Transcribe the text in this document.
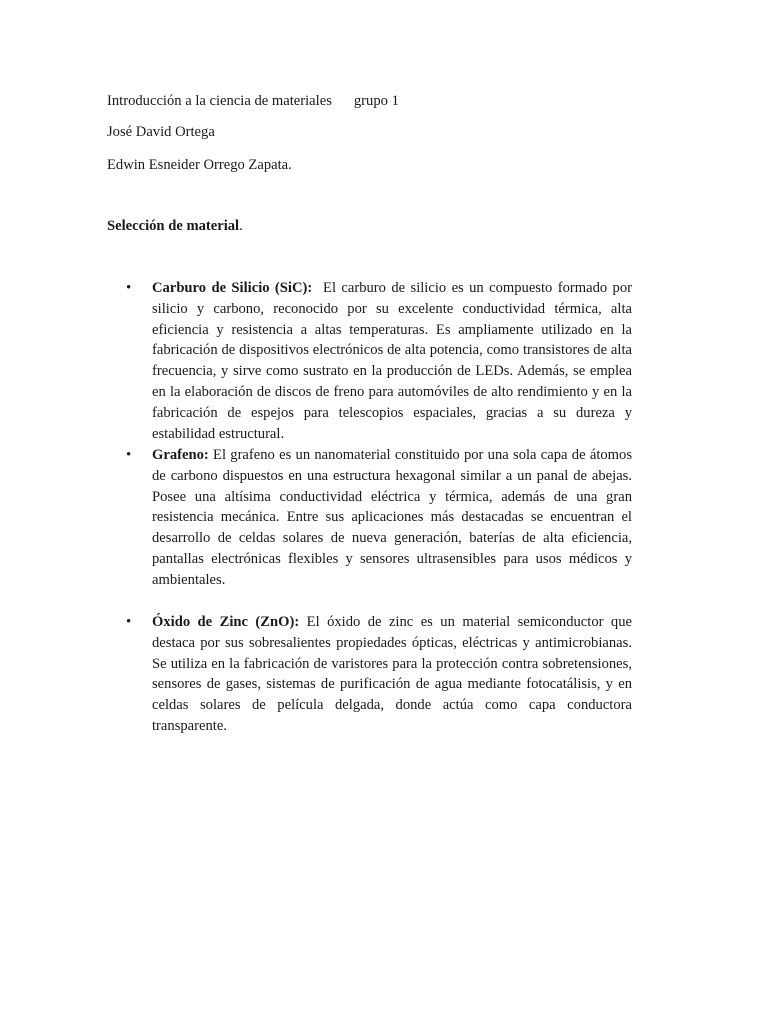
Introducción a la ciencia de materiales grupo 1
José David Ortega
Edwin Esneider Orrego Zapata.
Selección de material.
• Carburo de Silicio (SiC): El carburo de silicio es un compuesto formado por silicio y carbono, reconocido por su excelente conductividad térmica, alta eficiencia y resistencia a altas temperaturas. Es ampliamente utilizado en la fabricación de dispositivos electrónicos de alta potencia, como transistores de alta frecuencia, y sirve como sustrato en la producción de LEDs. Además, se emplea en la elaboración de discos de freno para automóviles de alto rendimiento y en la fabricación de espejos para telescopios espaciales, gracias a su dureza y estabilidad estructural.
• Grafeno: El grafeno es un nanomaterial constituido por una sola capa de átomos de carbono dispuestos en una estructura hexagonal similar a un panal de abejas. Posee una altísima conductividad eléctrica y térmica, además de una gran resistencia mecánica. Entre sus aplicaciones más destacadas se encuentran el desarrollo de celdas solares de nueva generación, baterías de alta eficiencia, pantallas electrónicas flexibles y sensores ultrasensibles para usos médicos y ambientales.
• Óxido de Zinc (ZnO): El óxido de zinc es un material semiconductor que destaca por sus sobresalientes propiedades ópticas, eléctricas y antimicrobianas. Se utiliza en la fabricación de varistores para la protección contra sobretensiones, sensores de gases, sistemas de purificación de agua mediante fotocatálisis, y en celdas solares de película delgada, donde actúa como capa conductora transparente.
